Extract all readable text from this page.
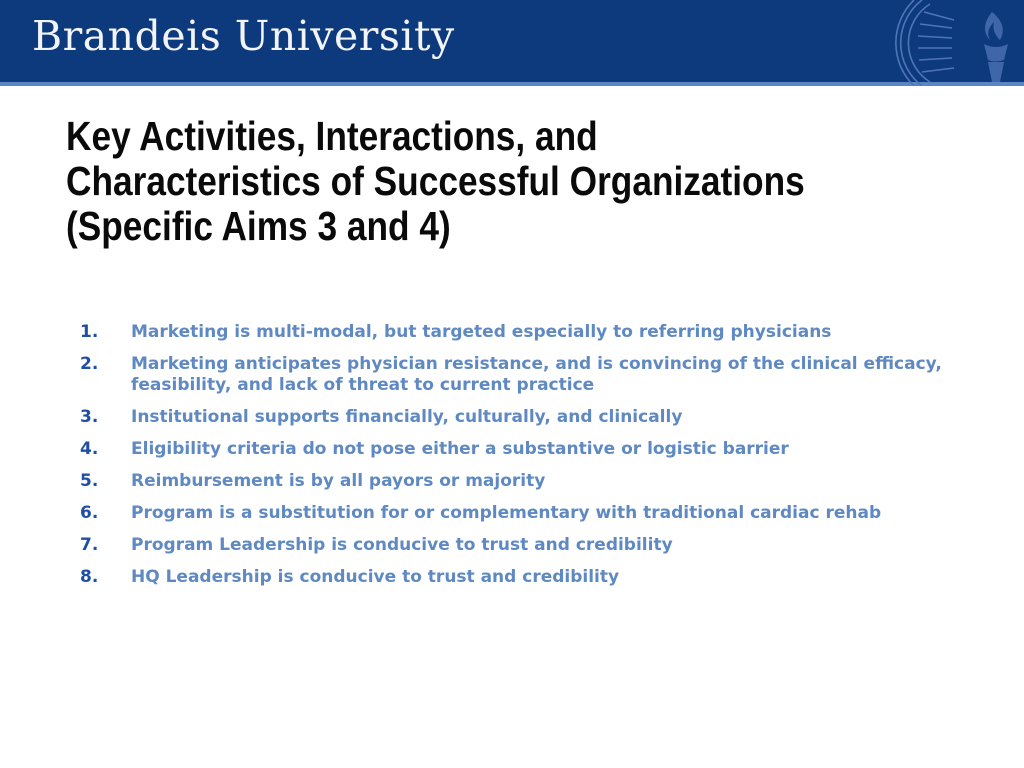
Brandeis University
Key Activities, Interactions, and
Characteristics of Successful Organizations
(Specific Aims 3 and 4)
1.	Marketing is multi-modal, but targeted especially to referring physicians
2.	Marketing anticipates physician resistance, and is convincing of the clinical efficacy, feasibility, and lack of threat to current practice
3.	Institutional supports financially, culturally, and clinically
4.	Eligibility criteria do not pose either a substantive or logistic barrier
5.	Reimbursement is by all payors or majority
6.	Program is a substitution for or complementary with traditional cardiac rehab
7.	Program Leadership is conducive to trust and credibility
8.	HQ Leadership is conducive to trust and credibility
